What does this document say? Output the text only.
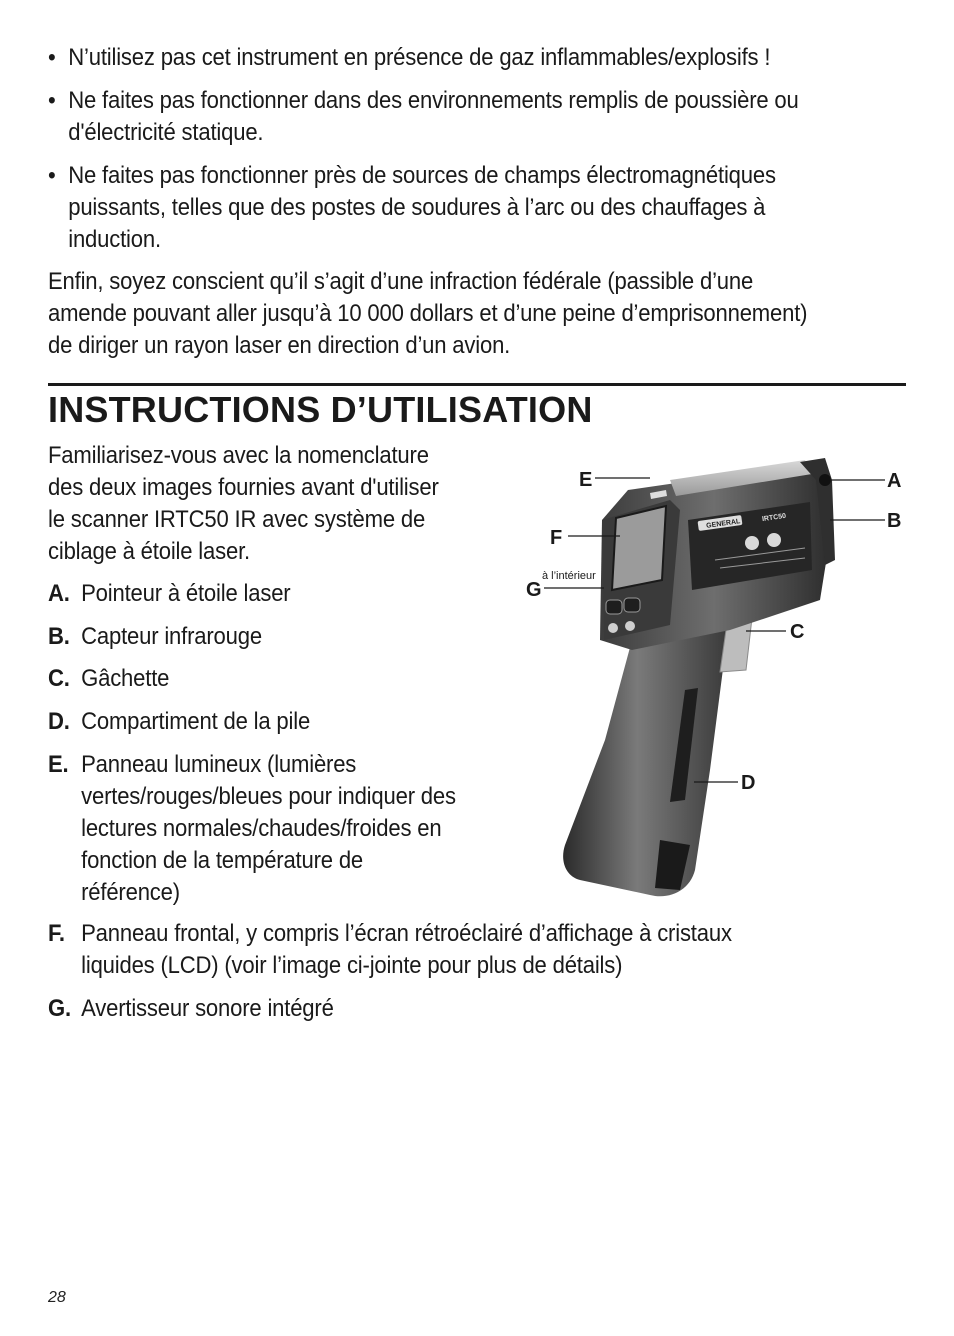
• N’utilisez pas cet instrument en présence de gaz inflammables/explosifs !
• Ne faites pas fonctionner dans des environnements remplis de poussière ou
d'électricité statique.
• Ne faites pas fonctionner près de sources de champs électromagnétiques
puissants, telles que des postes de soudures à l’arc ou des chauffages à
induction.
Enfin, soyez conscient qu’il s’agit d’une infraction fédérale (passible d’une
amende pouvant aller jusqu’à 10 000 dollars et d’une peine d’emprisonnement)
de diriger un rayon laser en direction d’un avion.
INSTRUCTIONS D’UTILISATION
Familiarisez-vous avec la nomenclature
des deux images fournies avant d'utiliser
le scanner IRTC50 IR avec système de
ciblage à étoile laser.
A. Pointeur à étoile laser
B. Capteur infrarouge
C. Gâchette
D. Compartiment de la pile
E. Panneau lumineux (lumières
vertes/rouges/bleues pour indiquer des
lectures normales/chaudes/froides en
fonction de la température de
référence)
F. Panneau frontal, y compris l’écran rétroéclairé d’affichage à cristaux
liquides (LCD) (voir l’image ci-jointe pour plus de détails)
G. Avertisseur sonore intégré
GENERAL
IRTC50
E
F
G
à l’intérieur
A
B
C
D
28
